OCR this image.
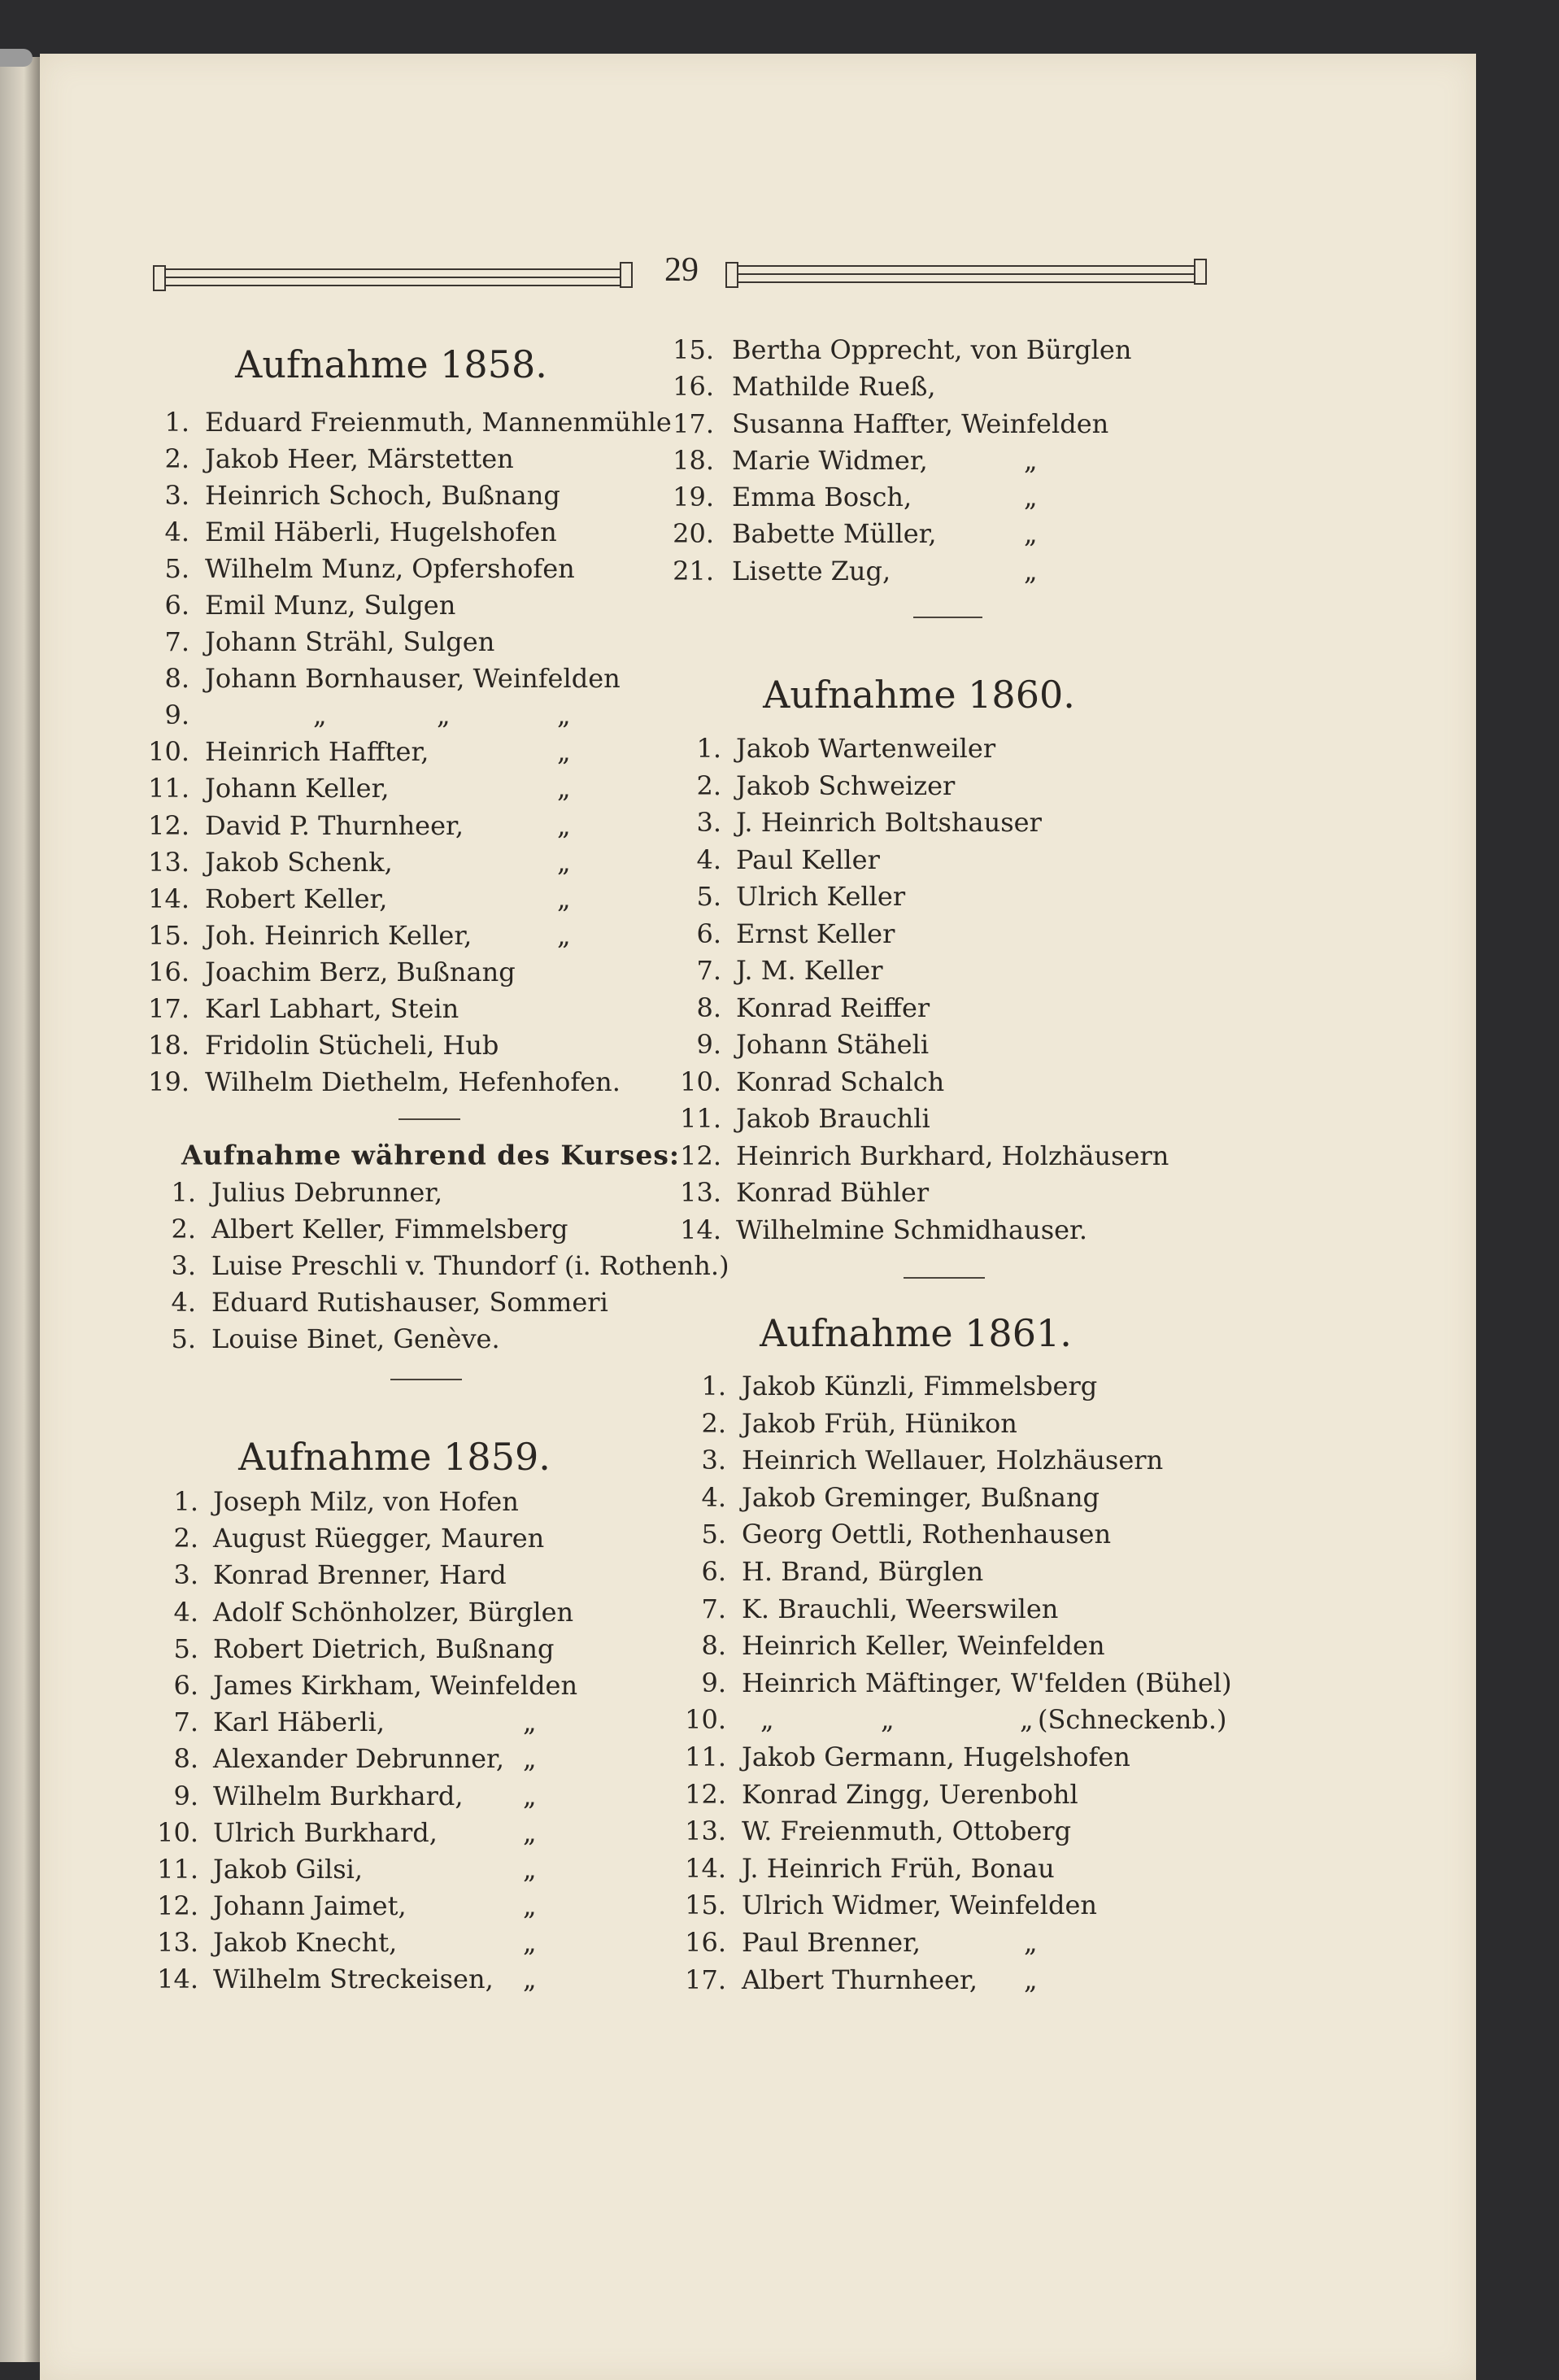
29
Aufnahme 1858.
1. Eduard Freienmuth, Mannenmühle
2. Jakob Heer, Märstetten
3. Heinrich Schoch, Bußnang
4. Emil Häberli, Hugelshofen
5. Wilhelm Munz, Opfershofen
6. Emil Munz, Sulgen
7. Johann Strähl, Sulgen
8. Johann Bornhauser, Weinfelden
9.	„	„	„
10. Heinrich Haffter,	„
11. Johann Keller,	„
12. David P. Thurnheer,	„
13. Jakob Schenk,	„
14. Robert Keller,	„
15. Joh. Heinrich Keller,	„
16. Joachim Berz, Bußnang
17. Karl Labhart, Stein
18. Fridolin Stücheli, Hub
19. Wilhelm Diethelm, Hefenhofen.
Aufnahme während des Kurses:
1. Julius Debrunner,
2. Albert Keller, Fimmelsberg
3. Luise Preschli v. Thundorf (i. Rothenh.)
4. Eduard Rutishauser, Sommeri
5. Louise Binet, Genève.
Aufnahme 1859.
1. Joseph Milz, von Hofen
2. August Rüegger, Mauren
3. Konrad Brenner, Hard
4. Adolf Schönholzer, Bürglen
5. Robert Dietrich, Bußnang
6. James Kirkham, Weinfelden
7. Karl Häberli,	„
8. Alexander Debrunner, „
9. Wilhelm Burkhard, „
10. Ulrich Burkhard,	„
11. Jakob Gilsi,	„
12. Johann Jaimet,	„
13. Jakob Knecht,	„
14. Wilhelm Streckeisen, „
15. Bertha Opprecht, von Bürglen
16. Mathilde Rueß,
17. Susanna Haffter, Weinfelden
18. Marie Widmer,	„
19. Emma Bosch,	„
20. Babette Müller,	„
21. Lisette Zug,	„
Aufnahme 1860.
1. Jakob Wartenweiler
2. Jakob Schweizer
3. J. Heinrich Boltshauser
4. Paul Keller
5. Ulrich Keller
6. Ernst Keller
7. J. M. Keller
8. Konrad Reiffer
9. Johann Stäheli
10. Konrad Schalch
11. Jakob Brauchli
12. Heinrich Burkhard, Holzhäusern
13. Konrad Bühler
14. Wilhelmine Schmidhauser.
Aufnahme 1861.
1. Jakob Künzli, Fimmelsberg
2. Jakob Früh, Hünikon
3. Heinrich Wellauer, Holzhäusern
4. Jakob Greminger, Bußnang
5. Georg Oettli, Rothenhausen
6. H. Brand, Bürglen
7. K. Brauchli, Weerswilen
8. Heinrich Keller, Weinfelden
9. Heinrich Mäftinger, W'felden (Bühel)
10. „	„	„ (Schneckenb.)
11. Jakob Germann, Hugelshofen
12. Konrad Zingg, Uerenbohl
13. W. Freienmuth, Ottoberg
14. J. Heinrich Früh, Bonau
15. Ulrich Widmer, Weinfelden
16. Paul Brenner,	„
17. Albert Thurnheer, „
